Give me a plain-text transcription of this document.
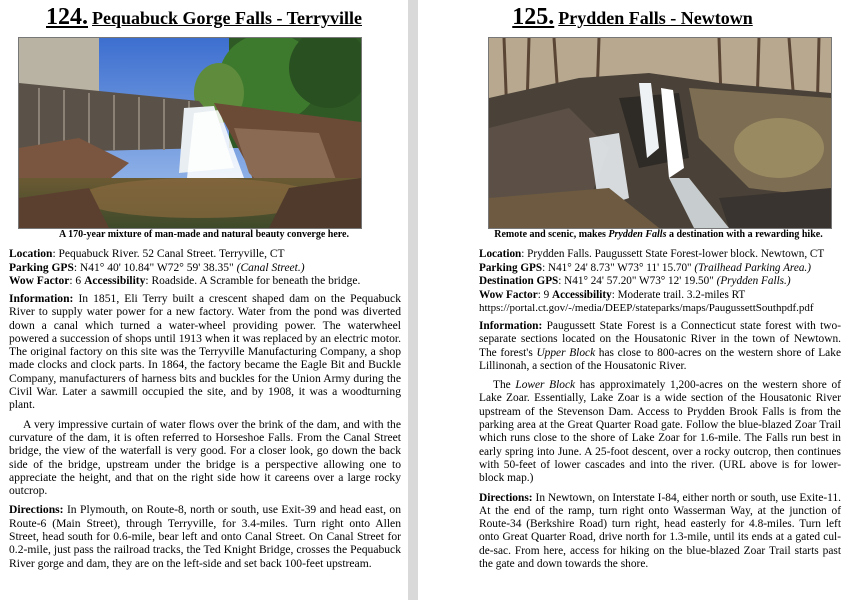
124. Pequabuck Gorge Falls - Terryville
A 170-year mixture of man-made and natural beauty converge here.
Location: Pequabuck River. 52 Canal Street. Terryville, CT
Parking GPS: N41° 40' 10.84" W72° 59' 38.35" (Canal Street.)
Wow Factor: 6 Accessibility: Roadside. A Scramble for beneath the bridge.

Information: In 1851, Eli Terry built a crescent shaped dam on the Pequabuck River to supply water power for a new factory. Water from the pond was diverted down a canal which turned a water-wheel providing power. The waterwheel powered a succession of shops until 1913 when it was replaced by an electric motor. The original factory on this site was the Terryville Manufacturing Company, a shop made clocks and clock parts. In 1864, the factory became the Eagle Bit and Buckle Company, manufacturers of harness bits and buckles for the Union Army during the Civil War. Later a sawmill occupied the site, and by 1908, it was a woodturning plant.

A very impressive curtain of water flows over the brink of the dam, and with the curvature of the dam, it is often referred to Horseshoe Falls. From the Canal Street bridge, the view of the waterfall is very good. For a closer look, go down the back side of the bridge, upstream under the bridge is a perspective allowing one to appreciate the height, and that on the right side how it careens over a large rocky outcrop.

Directions: In Plymouth, on Route-8, north or south, use Exit-39 and head east, on Route-6 (Main Street), through Terryville, for 3.4-miles. Turn right onto Allen Street, head south for 0.6-mile, bear left and onto Canal Street. On Canal Street for 0.2-mile, just pass the railroad tracks, the Ted Knight Bridge, crosses the Pequabuck River gorge and dam, they are on the left-side and set back 100-feet upstream.

125. Prydden Falls - Newtown
Remote and scenic, makes Prydden Falls a destination with a rewarding hike.
Location: Prydden Falls. Paugussett State Forest-lower block. Newtown, CT
Parking GPS: N41° 24' 8.73" W73° 11' 15.70" (Trailhead Parking Area.)
Destination GPS: N41° 24' 57.20" W73° 12' 19.50" (Prydden Falls.)
Wow Factor: 9 Accessibility: Moderate trail. 3.2-miles RT
https://portal.ct.gov/-/media/DEEP/stateparks/maps/PaugussettSouthpdf.pdf

Information: Paugussett State Forest is a Connecticut state forest with two-separate sections located on the Housatonic River in the town of Newtown. The forest's Upper Block has close to 800-acres on the western shore of Lake Lillinonah, a section of the Housatonic River.

The Lower Block has approximately 1,200-acres on the western shore of Lake Zoar. Essentially, Lake Zoar is a wide section of the Housatonic River upstream of the Stevenson Dam. Access to Prydden Brook Falls is from the parking area at the Great Quarter Road gate. Follow the blue-blazed Zoar Trail which runs close to the shore of Lake Zoar for 1.6-mile. The Falls run best in early spring into June. A 25-foot descent, over a rocky outcrop, then continues with 50-feet of lower cascades and into the river. (URL above is for lower-block map.)

Directions: In Newtown, on Interstate I-84, either north or south, use Exite-11. At the end of the ramp, turn right onto Wasserman Way, at the junction of Route-34 (Berkshire Road) turn right, head easterly for 4.8-miles. Turn left onto Great Quarter Road, drive north for 1.3-mile, until its ends at a gated cul-de-sac. From here, access for hiking on the blue-blazed Zoar Trail starts past the gate and down towards the shore.
